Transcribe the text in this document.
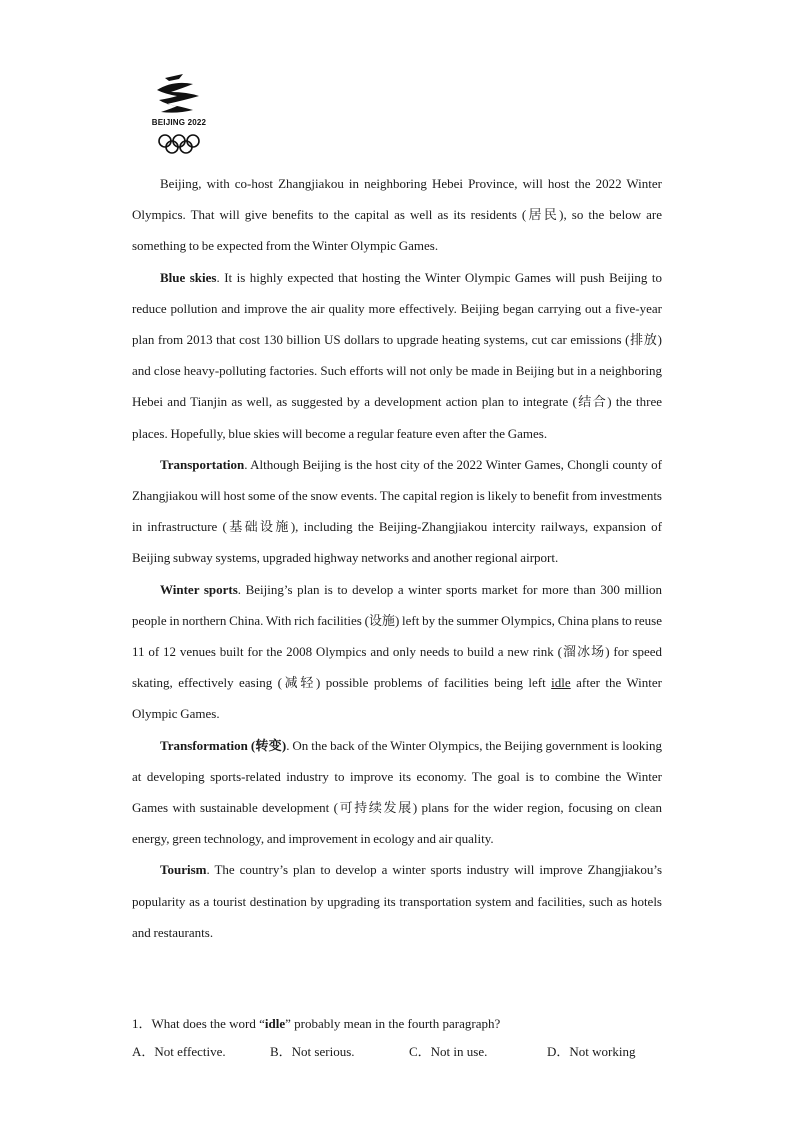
BEIJING 2022

Beijing, with co-host Zhangjiakou in neighboring Hebei Province, will host the 2022 Winter Olympics. That will give benefits to the capital as well as its residents (居民), so the below are something to be expected from the Winter Olympic Games.

Blue skies. It is highly expected that hosting the Winter Olympic Games will push Beijing to reduce pollution and improve the air quality more effectively. Beijing began carrying out a five-year plan from 2013 that cost 130 billion US dollars to upgrade heating systems, cut car emissions (排放) and close heavy-polluting factories. Such efforts will not only be made in Beijing but in a neighboring Hebei and Tianjin as well, as suggested by a development action plan to integrate (结合) the three places. Hopefully, blue skies will become a regular feature even after the Games.

Transportation. Although Beijing is the host city of the 2022 Winter Games, Chongli county of Zhangjiakou will host some of the snow events. The capital region is likely to benefit from investments in infrastructure (基础设施), including the Beijing-Zhangjiakou intercity railways, expansion of Beijing subway systems, upgraded highway networks and another regional airport.

Winter sports. Beijing’s plan is to develop a winter sports market for more than 300 million people in northern China. With rich facilities (设施) left by the summer Olympics, China plans to reuse 11 of 12 venues built for the 2008 Olympics and only needs to build a new rink (溜冰场) for speed skating, effectively easing (减轻) possible problems of facilities being left idle after the Winter Olympic Games.

Transformation (转变). On the back of the Winter Olympics, the Beijing government is looking at developing sports-related industry to improve its economy. The goal is to combine the Winter Games with sustainable development (可持续发展) plans for the wider region, focusing on clean energy, green technology, and improvement in ecology and air quality.

Tourism. The country’s plan to develop a winter sports industry will improve Zhangjiakou’s popularity as a tourist destination by upgrading its transportation system and facilities, such as hotels and restaurants.

1．What does the word “idle” probably mean in the fourth paragraph?
A．Not effective.	B．Not serious.	C．Not in use.	D．Not working
